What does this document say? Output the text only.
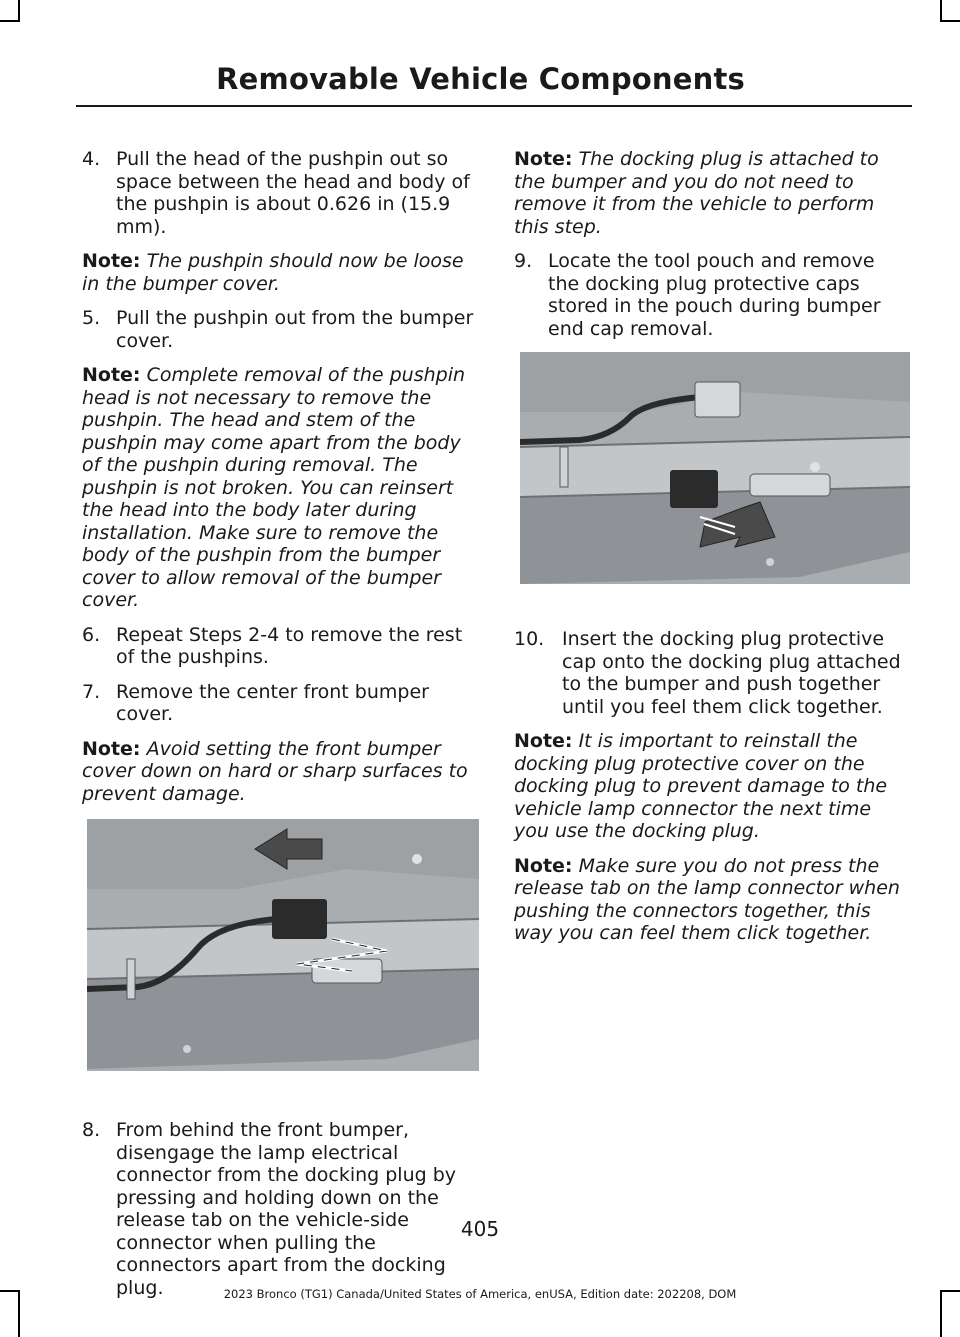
Removable Vehicle Components
4. Pull the head of the pushpin out so space between the head and body of the pushpin is about 0.626 in (15.9 mm).
Note: The pushpin should now be loose in the bumper cover.
5. Pull the pushpin out from the bumper cover.
Note: Complete removal of the pushpin head is not necessary to remove the pushpin. The head and stem of the pushpin may come apart from the body of the pushpin during removal. The pushpin is not broken. You can reinsert the head into the body later during installation. Make sure to remove the body of the pushpin from the bumper cover to allow removal of the bumper cover.
6. Repeat Steps 2-4 to remove the rest of the pushpins.
7. Remove the center front bumper cover.
Note: Avoid setting the front bumper cover down on hard or sharp surfaces to prevent damage.
8. From behind the front bumper, disengage the lamp electrical connector from the docking plug by pressing and holding down on the release tab on the vehicle-side connector when pulling the connectors apart from the docking plug.
Note: The docking plug is attached to the bumper and you do not need to remove it from the vehicle to perform this step.
9. Locate the tool pouch and remove the docking plug protective caps stored in the pouch during bumper end cap removal.
10. Insert the docking plug protective cap onto the docking plug attached to the bumper and push together until you feel them click together.
Note: It is important to reinstall the docking plug protective cover on the docking plug to prevent damage to the vehicle lamp connector the next time you use the docking plug.
Note: Make sure you do not press the release tab on the lamp connector when pushing the connectors together, this way you can feel them click together.
405
2023 Bronco (TG1) Canada/United States of America, enUSA, Edition date: 202208, DOM
